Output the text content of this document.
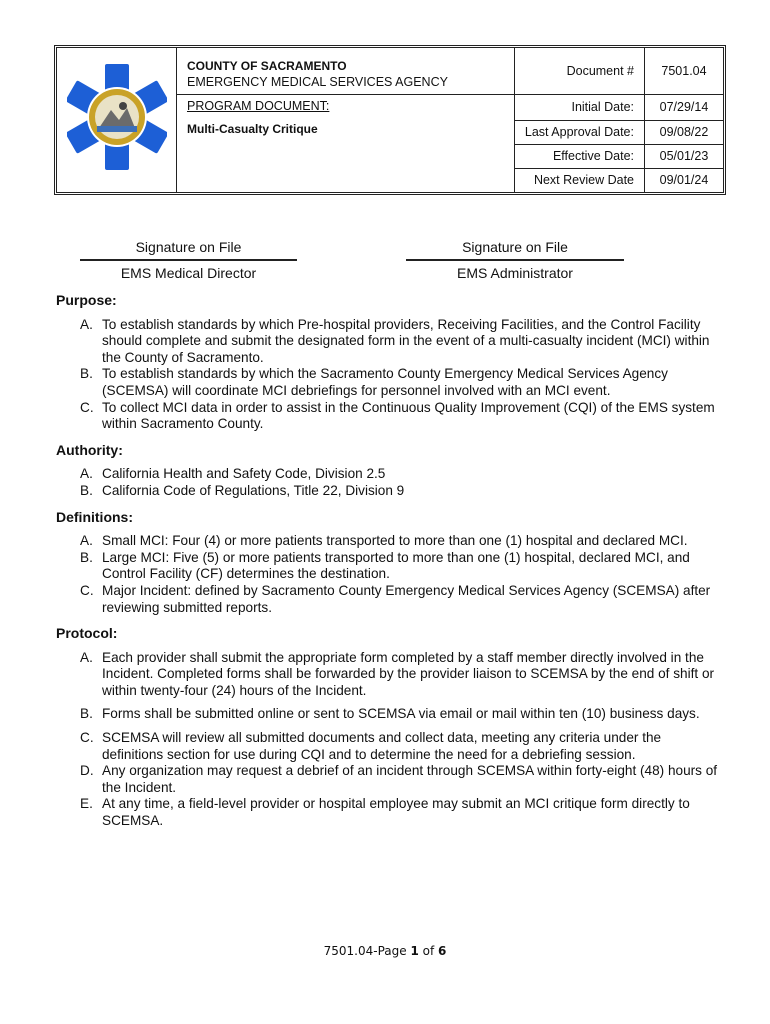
COUNTY OF SACRAMENTO
EMERGENCY MEDICAL SERVICES AGENCY
PROGRAM DOCUMENT:
Multi-Casualty Critique
Document #	7501.04
Initial Date:	07/29/14
Last Approval Date:	09/08/22
Effective Date:	05/01/23
Next Review Date	09/01/24
Signature on File
EMS Medical Director
Signature on File
EMS Administrator
Purpose:
A. To establish standards by which Pre-hospital providers, Receiving Facilities, and the Control Facility should complete and submit the designated form in the event of a multi-casualty incident (MCI) within the County of Sacramento.
B. To establish standards by which the Sacramento County Emergency Medical Services Agency (SCEMSA) will coordinate MCI debriefings for personnel involved with an MCI event.
C. To collect MCI data in order to assist in the Continuous Quality Improvement (CQI) of the EMS system within Sacramento County.
Authority:
A. California Health and Safety Code, Division 2.5
B. California Code of Regulations, Title 22, Division 9
Definitions:
A. Small MCI: Four (4) or more patients transported to more than one (1) hospital and declared MCI.
B. Large MCI: Five (5) or more patients transported to more than one (1) hospital, declared MCI, and Control Facility (CF) determines the destination.
C. Major Incident: defined by Sacramento County Emergency Medical Services Agency (SCEMSA) after reviewing submitted reports.
Protocol:
A. Each provider shall submit the appropriate form completed by a staff member directly involved in the Incident. Completed forms shall be forwarded by the provider liaison to SCEMSA by the end of shift or within twenty-four (24) hours of the Incident.
B. Forms shall be submitted online or sent to SCEMSA via email or mail within ten (10) business days.
C. SCEMSA will review all submitted documents and collect data, meeting any criteria under the definitions section for use during CQI and to determine the need for a debriefing session.
D. Any organization may request a debrief of an incident through SCEMSA within forty-eight (48) hours of the Incident.
E. At any time, a field-level provider or hospital employee may submit an MCI critique form directly to SCEMSA.
7501.04-Page 1 of 6
